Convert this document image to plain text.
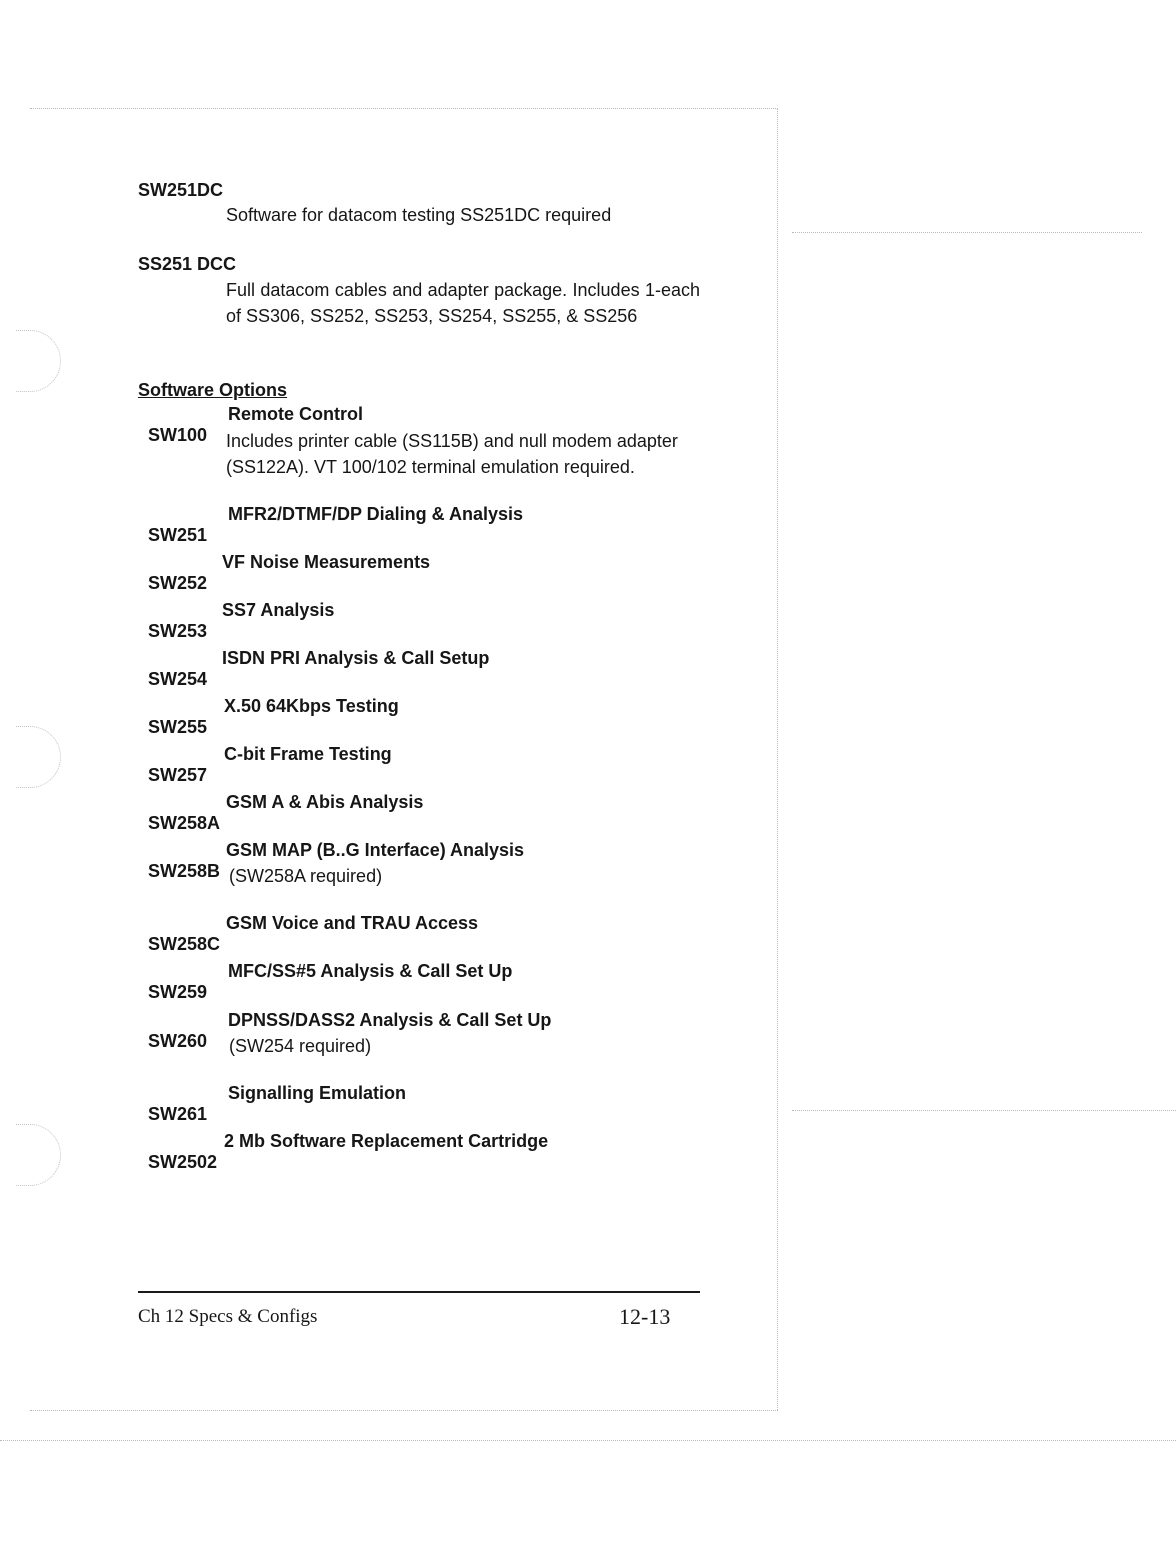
SW251DC
Software for datacom testing SS251DC required
SS251 DCC
Full datacom cables and adapter package. Includes 1-each of SS306, SS252, SS253, SS254, SS255, & SS256
Software Options

SW100

Remote Control

Includes printer cable (SS115B) and null modem adapter (SS122A). VT 100/102 terminal emulation required.

SW251

MFR2/DTMF/DP Dialing & Analysis

SW252

VF Noise Measurements

SW253

SS7 Analysis

SW254

ISDN PRI Analysis & Call Setup

SW255

X.50 64Kbps Testing

SW257

C-bit Frame Testing

SW258A

GSM A & Abis Analysis

SW258B

GSM MAP (B..G Interface) Analysis

(SW258A required)

SW258C

GSM Voice and TRAU Access

SW259

MFC/SS#5 Analysis & Call Set Up

SW260

DPNSS/DASS2 Analysis & Call Set Up

(SW254 required)

SW261

Signalling Emulation

SW2502

2 Mb Software Replacement Cartridge

Ch 12 Specs & Configs	12-13
